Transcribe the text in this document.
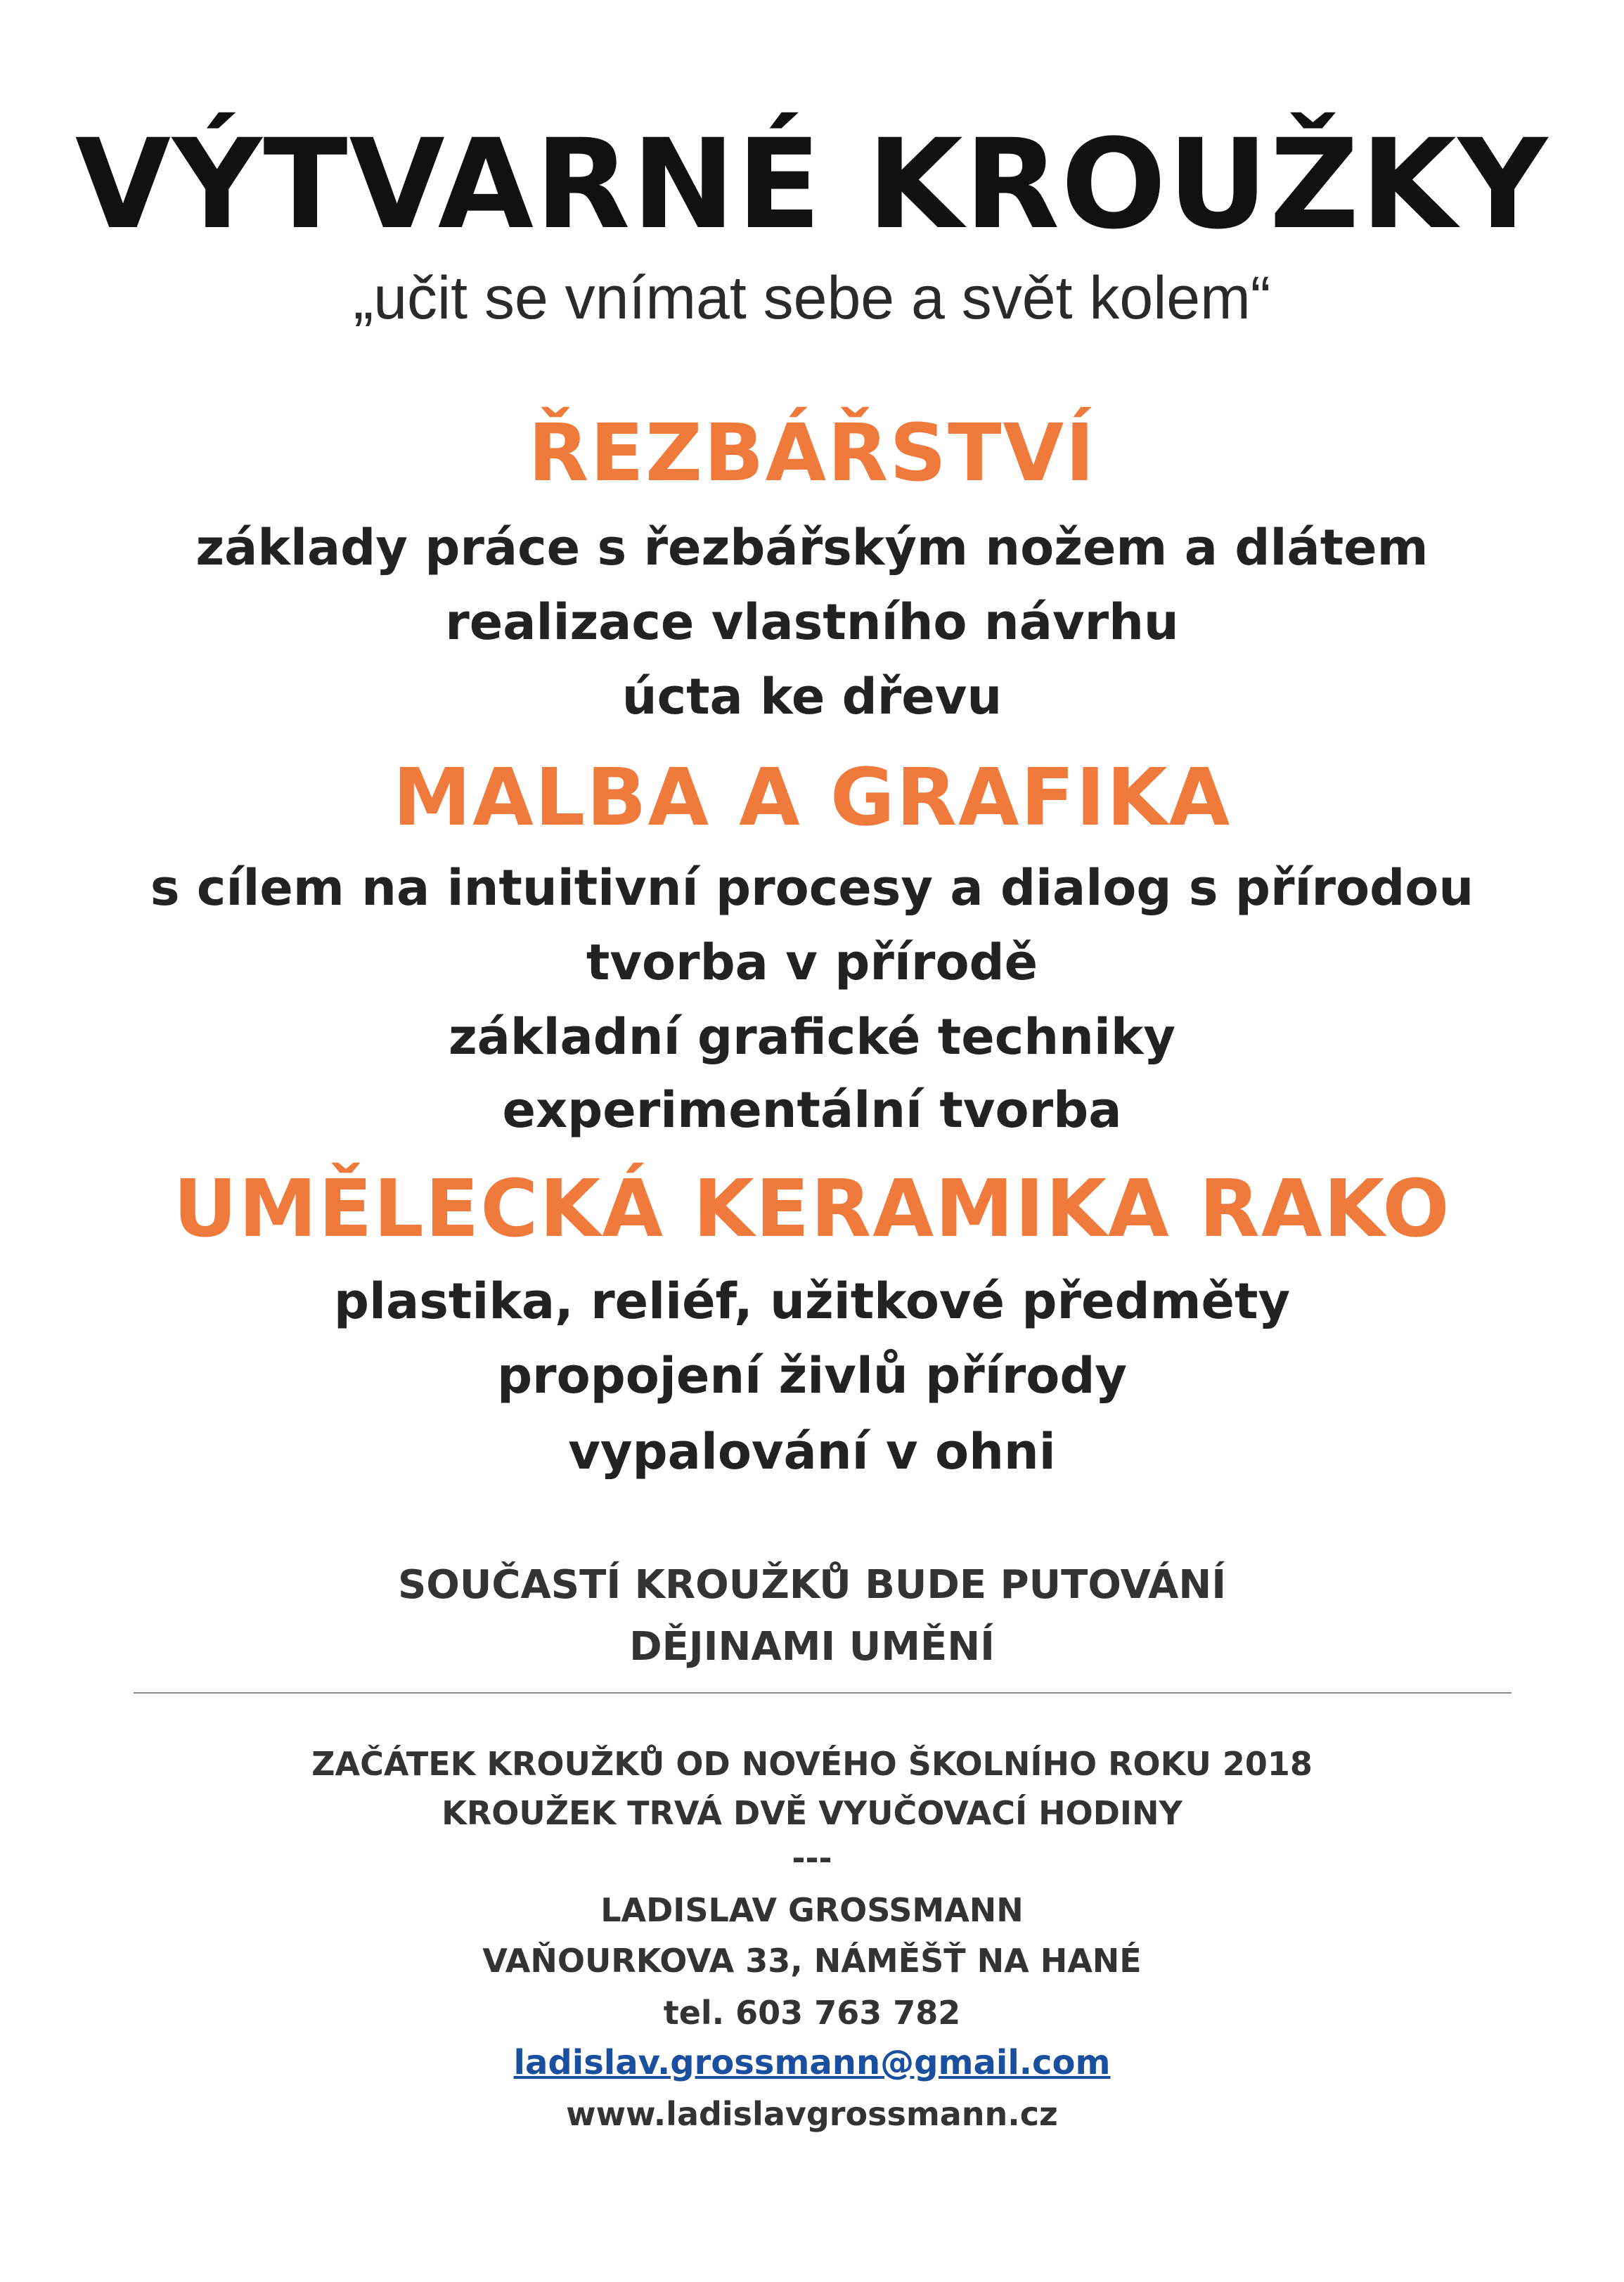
VÝTVARNÉ KROUŽKY
„učit se vnímat sebe a svět kolem“
ŘEZBÁŘSTVÍ
základy práce s řezbářským nožem a dlátem
realizace vlastního návrhu
úcta ke dřevu
MALBA A GRAFIKA
s cílem na intuitivní procesy a dialog s přírodou
tvorba v přírodě
základní grafické techniky
experimentální tvorba
UMĚLECKÁ KERAMIKA RAKO
plastika, reliéf, užitkové předměty
propojení živlů přírody
vypalování v ohni
SOUČASTÍ KROUŽKŮ BUDE PUTOVÁNÍ
DĚJINAMI UMĚNÍ
ZAČÁTEK KROUŽKŮ OD NOVÉHO ŠKOLNÍHO ROKU 2018
KROUŽEK TRVÁ DVĚ VYUČOVACÍ HODINY
---
LADISLAV GROSSMANN
VAŇOURKOVA 33, NÁMĚŠŤ NA HANÉ
tel. 603 763 782
ladislav.grossmann@gmail.com
www.ladislavgrossmann.cz
